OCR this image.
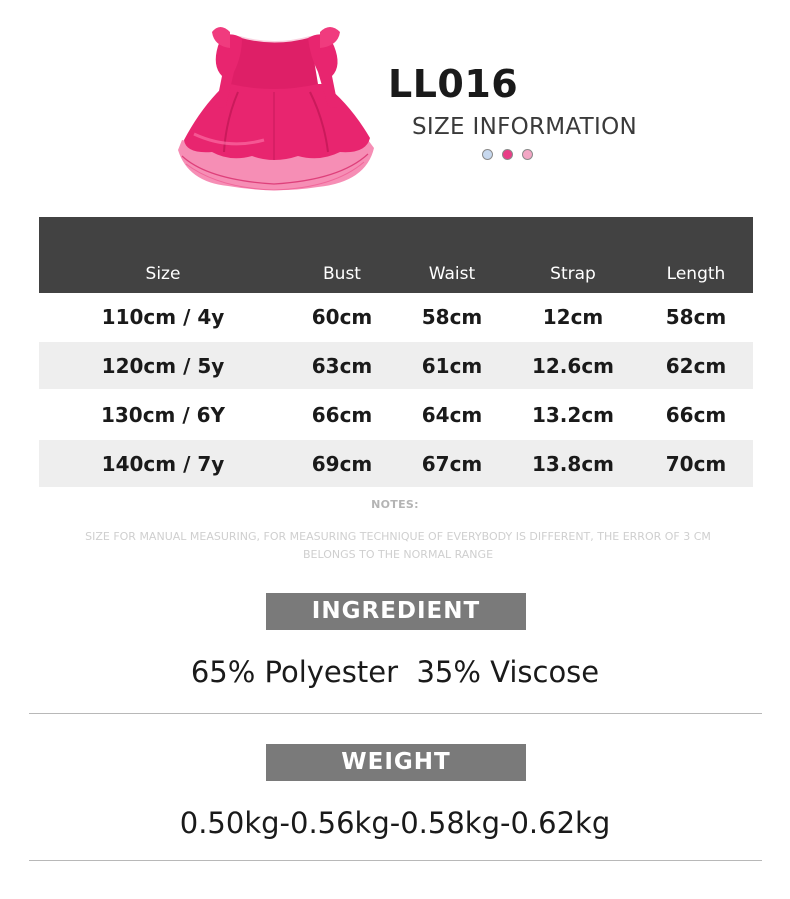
LL016
SIZE INFORMATION
Size	Bust	Waist	Strap	Length
110cm / 4y	60cm	58cm	12cm	58cm
120cm / 5y	63cm	61cm	12.6cm	62cm
130cm / 6Y	66cm	64cm	13.2cm	66cm
140cm / 7y	69cm	67cm	13.8cm	70cm
NOTES:
SIZE FOR MANUAL MEASURING, FOR MEASURING TECHNIQUE OF EVERYBODY IS DIFFERENT, THE ERROR OF 3 CM
BELONGS TO THE NORMAL RANGE
INGREDIENT
65% Polyester  35% Viscose
WEIGHT
0.50kg-0.56kg-0.58kg-0.62kg
